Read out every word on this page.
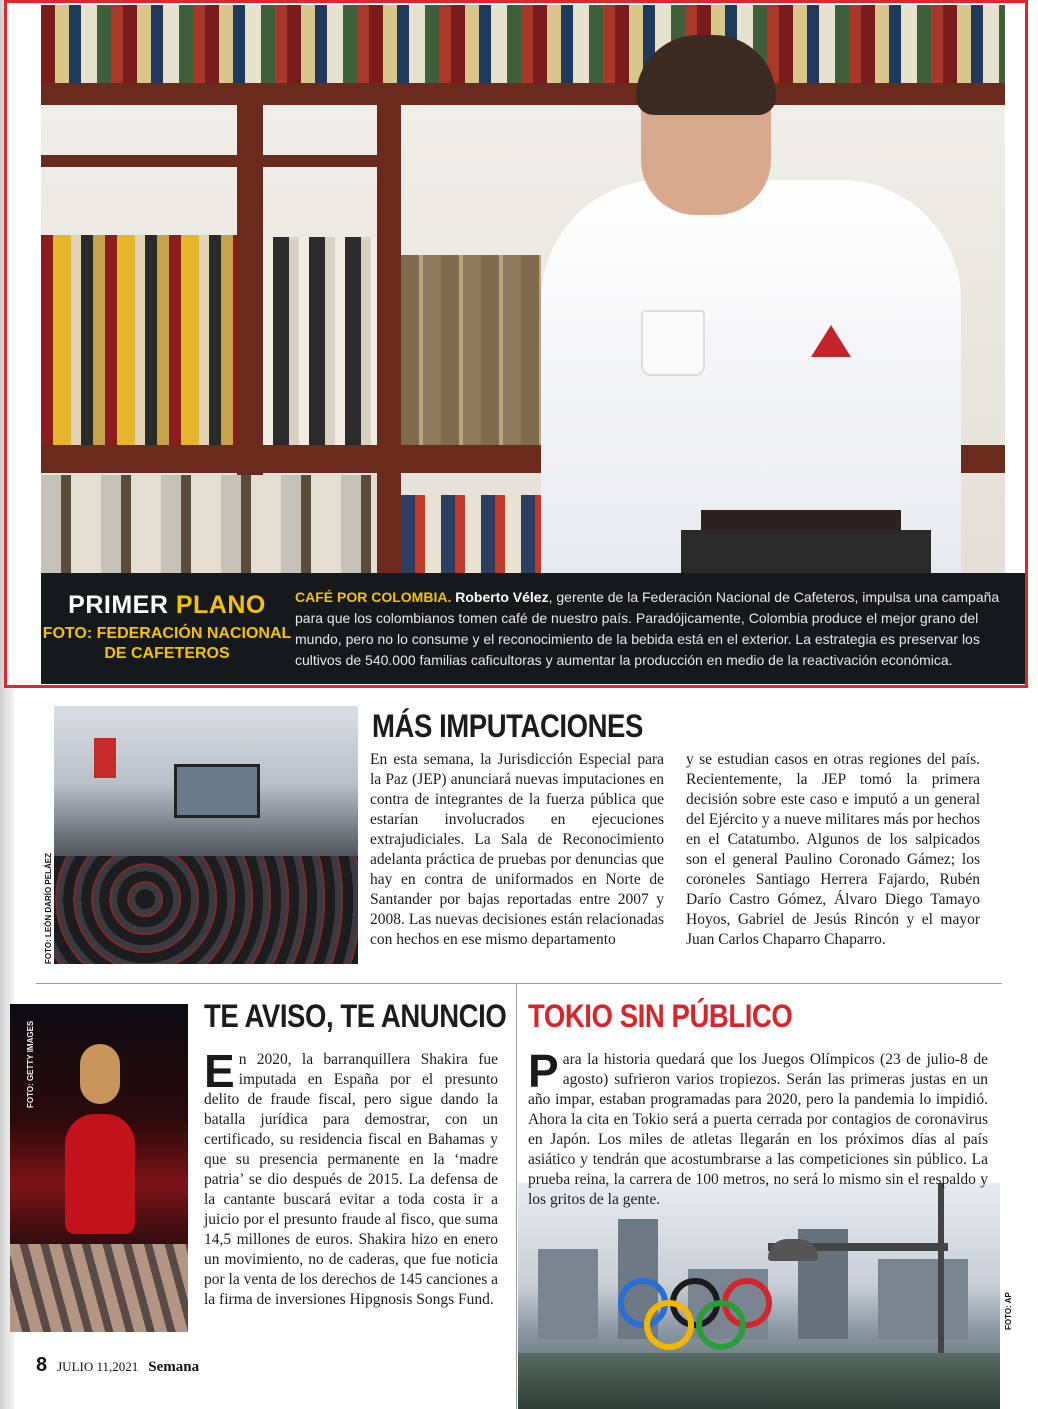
PRIMER PLANO
FOTO: FEDERACIÓN NACIONAL
DE CAFETEROS
CAFÉ POR COLOMBIA. Roberto Vélez, gerente de la Federación Nacional de Cafeteros, impulsa una campaña para que los colombianos tomen café de nuestro país. Paradójicamente, Colombia produce el mejor grano del mundo, pero no lo consume y el reconocimiento de la bebida está en el exterior. La estrategia es preservar los cultivos de 540.000 familias caficultoras y aumentar la producción en medio de la reactivación económica.
FOTO: LEÓN DARÍO PELÁEZ
MÁS IMPUTACIONES
En esta semana, la Jurisdicción Especial para la Paz (JEP) anunciará nuevas imputaciones en contra de integrantes de la fuerza pública que estarían involucrados en ejecuciones extrajudiciales. La Sala de Reconocimiento adelanta práctica de pruebas por denuncias que hay en contra de uniformados en Norte de Santander por bajas reportadas entre 2007 y 2008. Las nuevas decisiones están relacionadas con hechos en ese mismo departamento
y se estudian casos en otras regiones del país. Recientemente, la JEP tomó la primera decisión sobre este caso e imputó a un general del Ejército y a nueve militares más por hechos en el Catatumbo. Algunos de los salpicados son el general Paulino Coronado Gámez; los coroneles Santiago Herrera Fajardo, Rubén Darío Castro Gómez, Álvaro Diego Tamayo Hoyos, Gabriel de Jesús Rincón y el mayor Juan Carlos Chaparro Chaparro.
FOTO: GETTY IMAGES
TE AVISO, TE ANUNCIO
En 2020, la barranquillera Shakira fue imputada en España por el presunto delito de fraude fiscal, pero sigue dando la batalla jurídica para demostrar, con un certificado, su residencia fiscal en Bahamas y que su presencia permanente en la ‘madre patria’ se dio después de 2015. La defensa de la cantante buscará evitar a toda costa ir a juicio por el presunto fraude al fisco, que suma 14,5 millones de euros. Shakira hizo en enero un movimiento, no de caderas, que fue noticia por la venta de los derechos de 145 canciones a la firma de inversiones Hipgnosis Songs Fund.
TOKIO SIN PÚBLICO
Para la historia quedará que los Juegos Olímpicos (23 de julio-8 de agosto) sufrieron varios tropiezos. Serán las primeras justas en un año impar, estaban programadas para 2020, pero la pandemia lo impidió. Ahora la cita en Tokio será a puerta cerrada por contagios de coronavirus en Japón. Los miles de atletas llegarán en los próximos días al país asiático y tendrán que acostumbrarse a las competiciones sin público. La prueba reina, la carrera de 100 metros, no será lo mismo sin el respaldo y los gritos de la gente.
FOTO: AP
8 JULIO 11,2021 Semana
